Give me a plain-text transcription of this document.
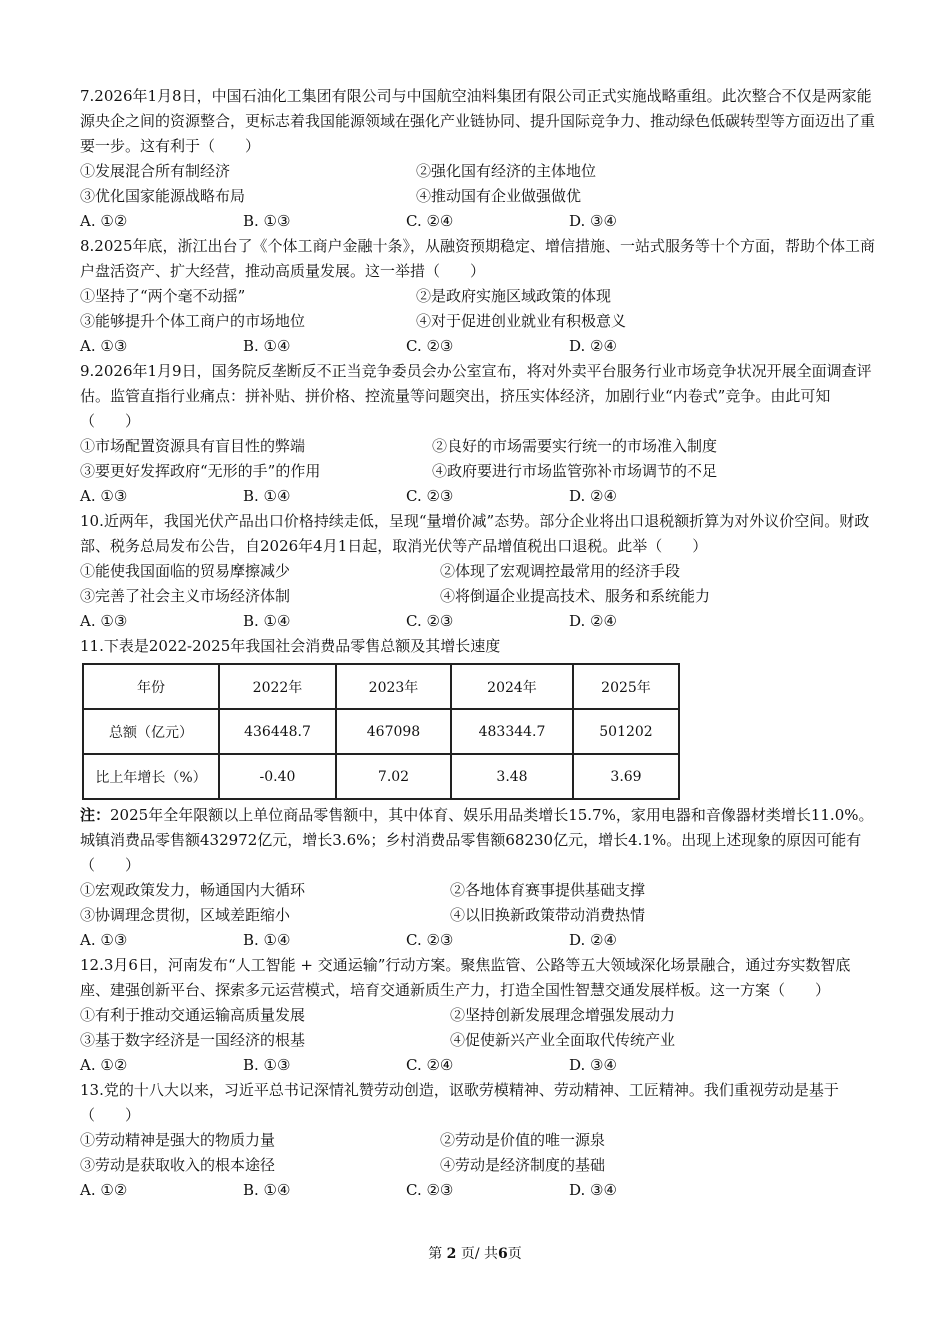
7.2026年1月8日，中国石油化工集团有限公司与中国航空油料集团有限公司正式实施战略重组。此次整合不仅是两家能源央企之间的资源整合，更标志着我国能源领域在强化产业链协同、提升国际竞争力、推动绿色低碳转型等方面迈出了重要一步。这有利于（　　）

①发展混合所有制经济	②强化国有经济的主体地位
③优化国家能源战略布局	④推动国有企业做强做优
A. ①②	B. ①③	C. ②④	D. ③④

8.2025年底，浙江出台了《个体工商户金融十条》，从融资预期稳定、增信措施、一站式服务等十个方面，帮助个体工商户盘活资产、扩大经营，推动高质量发展。这一举措（　　）

①坚持了“两个毫不动摇”	②是政府实施区域政策的体现
③能够提升个体工商户的市场地位	④对于促进创业就业有积极意义
A. ①③	B. ①④	C. ②③	D. ②④

9.2026年1月9日，国务院反垄断反不正当竞争委员会办公室宣布，将对外卖平台服务行业市场竞争状况开展全面调查评估。监管直指行业痛点：拼补贴、拼价格、控流量等问题突出，挤压实体经济，加剧行业“内卷式”竞争。由此可知（　　）

①市场配置资源具有盲目性的弊端	②良好的市场需要实行统一的市场准入制度
③要更好发挥政府“无形的手”的作用	④政府要进行市场监管弥补市场调节的不足
A. ①③	B. ①④	C. ②③	D. ②④

10.近两年，我国光伏产品出口价格持续走低，呈现“量增价减”态势。部分企业将出口退税额折算为对外议价空间。财政部、税务总局发布公告，自2026年4月1日起，取消光伏等产品增值税出口退税。此举（　　）

①能使我国面临的贸易摩擦减少	②体现了宏观调控最常用的经济手段
③完善了社会主义市场经济体制	④将倒逼企业提高技术、服务和系统能力
A. ①③	B. ①④	C. ②③	D. ②④

11.下表是2022-2025年我国社会消费品零售总额及其增长速度

年份	2022年	2023年	2024年	2025年
总额（亿元）	436448.7	467098	483344.7	501202
比上年增长（%）	-0.40	7.02	3.48	3.69

注：2025年全年限额以上单位商品零售额中，其中体育、娱乐用品类增长15.7%，家用电器和音像器材类增长11.0%。城镇消费品零售额432972亿元，增长3.6%；乡村消费品零售额68230亿元，增长4.1%。出现上述现象的原因可能有（　　）

①宏观政策发力，畅通国内大循环	②各地体育赛事提供基础支撑
③协调理念贯彻，区域差距缩小	④以旧换新政策带动消费热情
A. ①③	B. ①④	C. ②③	D. ②④

12.3月6日，河南发布“人工智能 + 交通运输”行动方案。聚焦监管、公路等五大领域深化场景融合，通过夯实数智底座、建强创新平台、探索多元运营模式，培育交通新质生产力，打造全国性智慧交通发展样板。这一方案（　　）

①有利于推动交通运输高质量发展	②坚持创新发展理念增强发展动力
③基于数字经济是一国经济的根基	④促使新兴产业全面取代传统产业
A. ①②	B. ①③	C. ②④	D. ③④

13.党的十八大以来，习近平总书记深情礼赞劳动创造，讴歌劳模精神、劳动精神、工匠精神。我们重视劳动是基于（　　）

①劳动精神是强大的物质力量	②劳动是价值的唯一源泉
③劳动是获取收入的根本途径	④劳动是经济制度的基础
A. ①②	B. ①④	C. ②③	D. ③④
第 2 页/ 共6页
